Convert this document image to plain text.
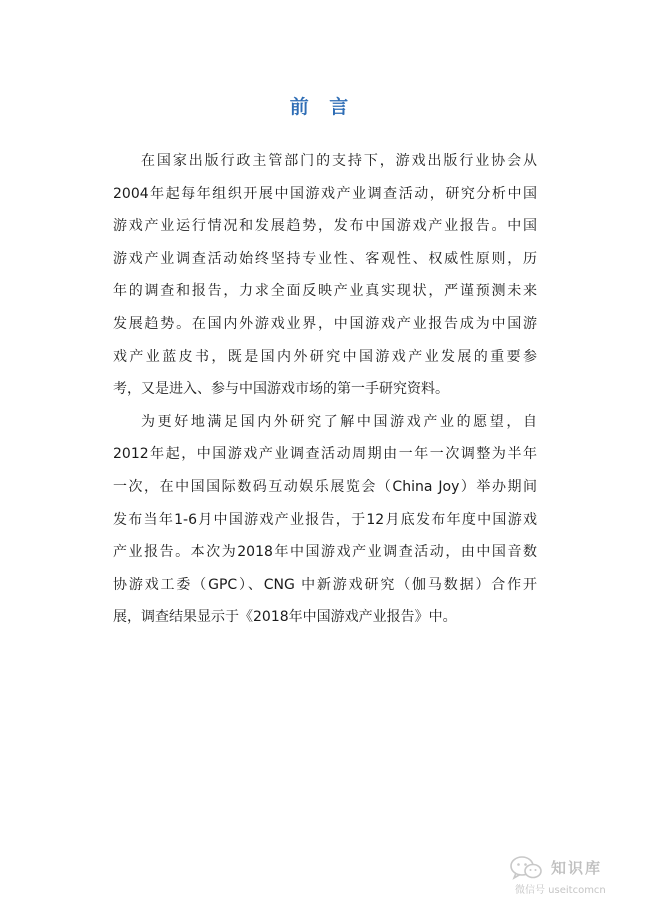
前 言

在国家出版行政主管部门的支持下，游戏出版行业协会从
2004年起每年组织开展中国游戏产业调查活动，研究分析中国
游戏产业运行情况和发展趋势，发布中国游戏产业报告。中国
游戏产业调查活动始终坚持专业性、客观性、权威性原则，历
年的调查和报告，力求全面反映产业真实现状，严谨预测未来
发展趋势。在国内外游戏业界，中国游戏产业报告成为中国游
戏产业蓝皮书，既是国内外研究中国游戏产业发展的重要参
考，又是进入、参与中国游戏市场的第一手研究资料。

为更好地满足国内外研究了解中国游戏产业的愿望，自
2012年起，中国游戏产业调查活动周期由一年一次调整为半年
一次，在中国国际数码互动娱乐展览会（China Joy）举办期间
发布当年1-6月中国游戏产业报告，于12月底发布年度中国游戏
产业报告。本次为2018年中国游戏产业调查活动，由中国音数
协游戏工委（GPC）、CNG 中新游戏研究（伽马数据）合作开
展，调查结果显示于《2018年中国游戏产业报告》中。

知识库
微信号 useitcomcn
